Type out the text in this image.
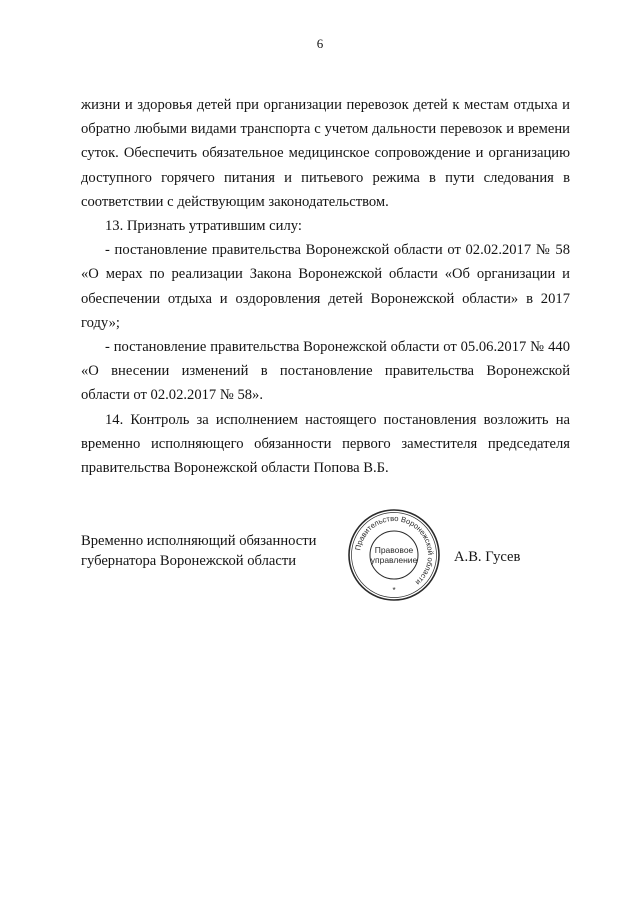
6

жизни и здоровья детей при организации перевозок детей к местам отдыха и обратно любыми видами транспорта с учетом дальности перевозок и времени суток. Обеспечить обязательное медицинское сопровождение и организацию доступного горячего питания и питьевого режима в пути следования в соответствии с действующим законодательством.

13. Признать утратившим силу:

- постановление правительства Воронежской области от 02.02.2017 № 58 «О мерах по реализации Закона Воронежской области «Об организации и обеспечении отдыха и оздоровления детей Воронежской области» в 2017 году»;

- постановление правительства Воронежской области от 05.06.2017 № 440 «О внесении изменений в постановление правительства Воронежской области от 02.02.2017 № 58».

14. Контроль за исполнением настоящего постановления возложить на временно исполняющего обязанности первого заместителя председателя правительства Воронежской области Попова В.Б.

Временно исполняющий обязанности
губернатора Воронежской области
Правительство Воронежской области
Правовое
управление
*
А.В. Гусев
